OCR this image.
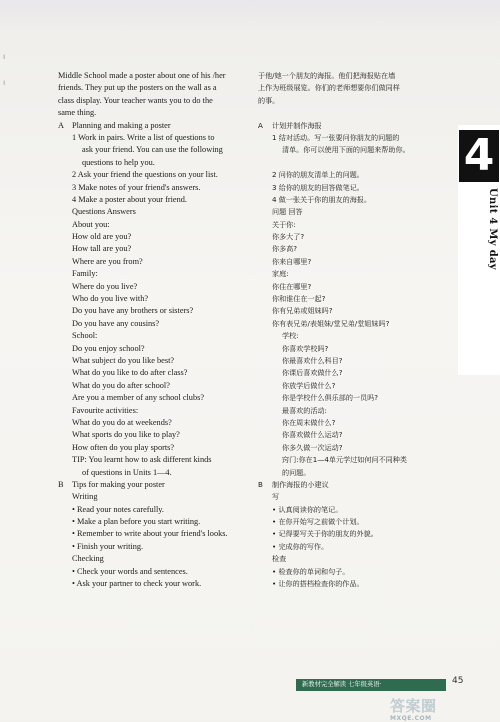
ı
ı
Middle School made a poster about one of his /her
friends. They put up the posters on the wall as a
class display. Your teacher wants you to do the
same thing.
A Planning and making a poster
1 Work in pairs. Write a list of questions to
ask your friend. You can use the following
questions to help you.
2 Ask your friend the questions on your list.
3 Make notes of your friend's answers.
4 Make a poster about your friend.
Questions Answers
About you:
How old are you?
How tall are you?
Where are you from?
Family:
Where do you live?
Who do you live with?
Do you have any brothers or sisters?
Do you have any cousins?
School:
Do you enjoy school?
What subject do you like best?
What do you like to do after class?
What do you do after school?
Are you a member of any school clubs?
Favourite activities:
What do you do at weekends?
What sports do you like to play?
How often do you play sports?
TIP: You learnt how to ask different kinds
of questions in Units 1—4.
B Tips for making your poster
Writing
• Read your notes carefully.
• Make a plan before you start writing.
• Remember to write about your friend's looks.
• Finish your writing.
Checking
• Check your words and sentences.
• Ask your partner to check your work.
于他/她一个朋友的海报。他们把海报贴在墙
上作为班级展览。你们的老师想要你们做同样
的事。
A 计划并制作海报
1 结对活动。写一张要问你朋友的问题的
清单。你可以使用下面的问题来帮助你。
2 问你的朋友清单上的问题。
3 给你的朋友的回答做笔记。
4 做一张关于你的朋友的海报。
问题 回答
关于你:
你多大了?
你多高?
你来自哪里?
家庭:
你住在哪里?
你和谁住在一起?
你有兄弟或姐妹吗?
你有表兄弟/表姐妹/堂兄弟/堂姐妹吗?
学校:
你喜欢学校吗?
你最喜欢什么科目?
你课后喜欢做什么?
你放学后做什么?
你是学校什么俱乐部的一员吗?
最喜欢的活动:
你在周末做什么?
你喜欢做什么运动?
你多久做一次运动?
窍门:你在1—4单元学过如何问不同种类
的问题。
B 制作海报的小建议
写
• 认真阅读你的笔记。
• 在你开始写之前做个计划。
• 记得要写关于你的朋友的外貌。
• 完成你的写作。
检查
• 检查你的单词和句子。
• 让你的搭档检查你的作品。
4
Unit 4 My day
新教材完全解读 七年级英语·	45
答案圈
MXQE.COM
